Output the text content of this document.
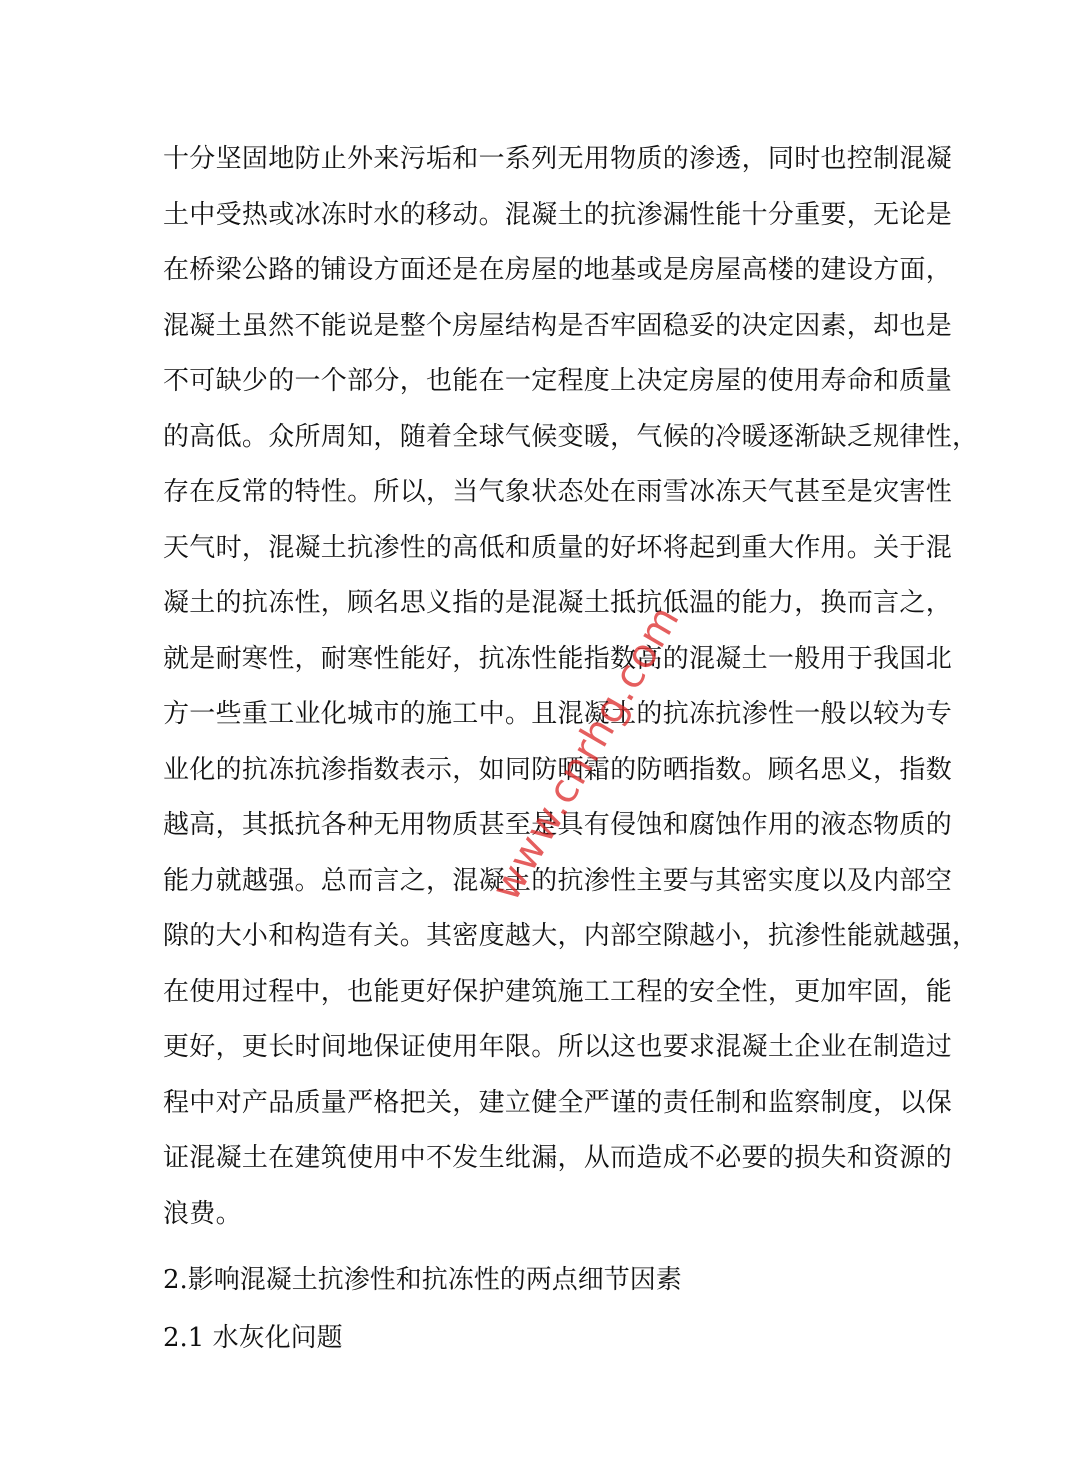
十分坚固地防止外来污垢和一系列无用物质的渗透，同时也控制混凝
土中受热或冰冻时水的移动。混凝土的抗渗漏性能十分重要，无论是
在桥梁公路的铺设方面还是在房屋的地基或是房屋高楼的建设方面，
混凝土虽然不能说是整个房屋结构是否牢固稳妥的决定因素，却也是
不可缺少的一个部分，也能在一定程度上决定房屋的使用寿命和质量
的高低。众所周知，随着全球气候变暖，气候的冷暖逐渐缺乏规律性，
存在反常的特性。所以，当气象状态处在雨雪冰冻天气甚至是灾害性
天气时，混凝土抗渗性的高低和质量的好坏将起到重大作用。关于混
凝土的抗冻性，顾名思义指的是混凝土抵抗低温的能力，换而言之，
就是耐寒性，耐寒性能好，抗冻性能指数高的混凝土一般用于我国北
方一些重工业化城市的施工中。且混凝土的抗冻抗渗性一般以较为专
业化的抗冻抗渗指数表示，如同防晒霜的防晒指数。顾名思义，指数
越高，其抵抗各种无用物质甚至是具有侵蚀和腐蚀作用的液态物质的
能力就越强。总而言之，混凝土的抗渗性主要与其密实度以及内部空
隙的大小和构造有关。其密度越大，内部空隙越小，抗渗性能就越强，
在使用过程中，也能更好保护建筑施工工程的安全性，更加牢固，能
更好，更长时间地保证使用年限。所以这也要求混凝土企业在制造过
程中对产品质量严格把关，建立健全严谨的责任制和监察制度，以保
证混凝土在建筑使用中不发生纰漏，从而造成不必要的损失和资源的
浪费。
2.影响混凝土抗渗性和抗冻性的两点细节因素
2.1 水灰化问题
www.cnrhg.com
